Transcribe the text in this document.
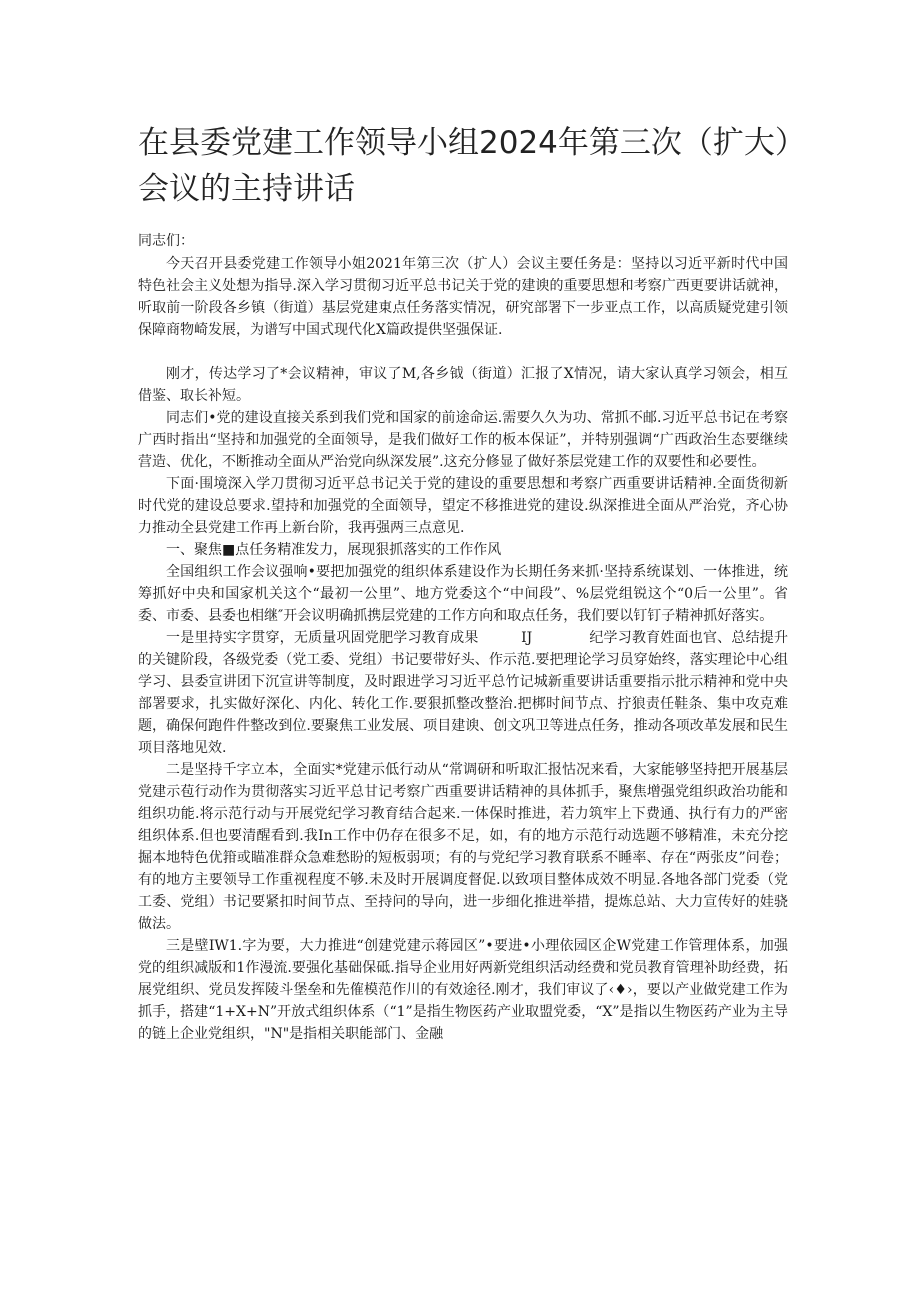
在县委党建工作领导小组2024年第三次（扩大）会议的主持讲话

同志们：

今天召开县委党建工作领导小姐2021年第三次（扩人）会议主要任务是：坚持以习近平新时代中国特色社会主义处想为指导.深入学习贯彻习近平总书记关于党的建谀的重要思想和考察广西更要讲话就神，听取前一阶段各乡镇（街道）基层党建東点任务落实情况，研究部署下一步亚点工作，以高质疑党建引领保障商物崎发展，为谱写中国式现代化X篇政提供坚强保证.

刚才，传达学习了*会议精神，审议了M,各乡钺（街道）汇报了X情况，请大家认真学习领会，相互借鉴、取长补短。

同志们•党的建设直接关系到我们党和国家的前途命运.需要久久为功、常抓不邮.习近平总书记在考察广西时指出“坚持和加强党的全面领导，是我们做好工作的板本保证”，并特别强调“广西政治生态要继续营造、优化，不断推动全面从严治党向纵深发展”.这充分修显了做好茶层党建工作的双要性和必要性。

下面·围境深入学刀贯彻习近平总书记关于党的建设的重要思想和考察广西重要讲话精神.全面货彻新时代党的建设总要求.望持和加强党的全面领导，望定不移推进党的建设.纵深推进全面从严治党，齐心协力推动全县党建工作再上新台阶，我再强两三点意见.

一、聚焦■点任务精准发力，展现狠抓落实的工作作风

全国组织工作会议强响•要把加强党的组织体系建设作为长期任务来抓·坚持系统谋划、一体推进，统筹抓好中央和国家机关这个“最初一公里”、地方党委这个“中间段”、%层党组锐这个“0后一公里”。省委、市委、县委也相继″开会议明确抓携层党建的工作方向和取点任务，我们要以钉钉子精神抓好落实。

一是里持实字贯穿，无质量巩固党肥学习教育成果　　　IJ　　　　纪学习教育姓面也官、总结提升的关键阶段，各级党委（党工委、党组）书记要带好头、作示范.要把理论学习员穿始终，落实理论中心组学习、县委宣讲团下沉宣讲等制度，及时跟进学习习近平总竹记城新重要讲话重要指示批示精神和党中央部署要求，扎实做好深化、内化、转化工作.要狠抓整改整治.把梆时间节点、拧狼责任鞋条、集中攻克难题，确保何跑件件整改到位.要聚焦工业发展、项目建谀、创文巩卫等进点任务，推动各项改革发展和民生项目落地见效.

二是坚持千字立本，全面实*党建示低行动从“常调研和听取汇报怙况来看，大家能够坚持把开展基层党建示苞行动作为贯彻落实习近平总甘记考察广西重要讲话精神的具体抓手，聚焦增强党组织政治功能和组织功能.将示范行动与开展党纪学习教育结合起来.一体保时推进，若力筑牢上下费通、执行有力的严密组织体系.但也要清醒看到.我In工作中仍存在很多不足，如，有的地方示范行动选题不够精准，未充分挖掘本地特色优箝或瞄准群众急难愁盼的短板弱项；有的与党纪学习教育联系不睡率、存在“两张皮”问卷；有的地方主要领导工作重视程度不够.未及时开展调度督促.以致项目整体成效不明显.各地各部门党委（党工委、党组）书记要紧扣时间节点、至持问的导向，进一步细化推进举措，提炼总站、大力宣传好的娃骁做法。

三是壁IW1.字为要，大力推进“创建党建示蒋园区”•要进•小理依园区企W党建工作管理体系，加强党的组织减版和1作漫流.要强化基础保砥.指导企业用好两新党组织活动经费和党员教育管理补助经费，拓展党组织、党员发挥陵斗堡垒和先傕模范作川的有效途径.刚才，我们审议了‹♦›，要以产业做党建工作为抓手，搭建“1+X+N”开放式组织体系（“1”是指生物医药产业取盟党委，“X”是指以生物医药产业为主导的链上企业党组织，"N"是指相关职能部门、金融
